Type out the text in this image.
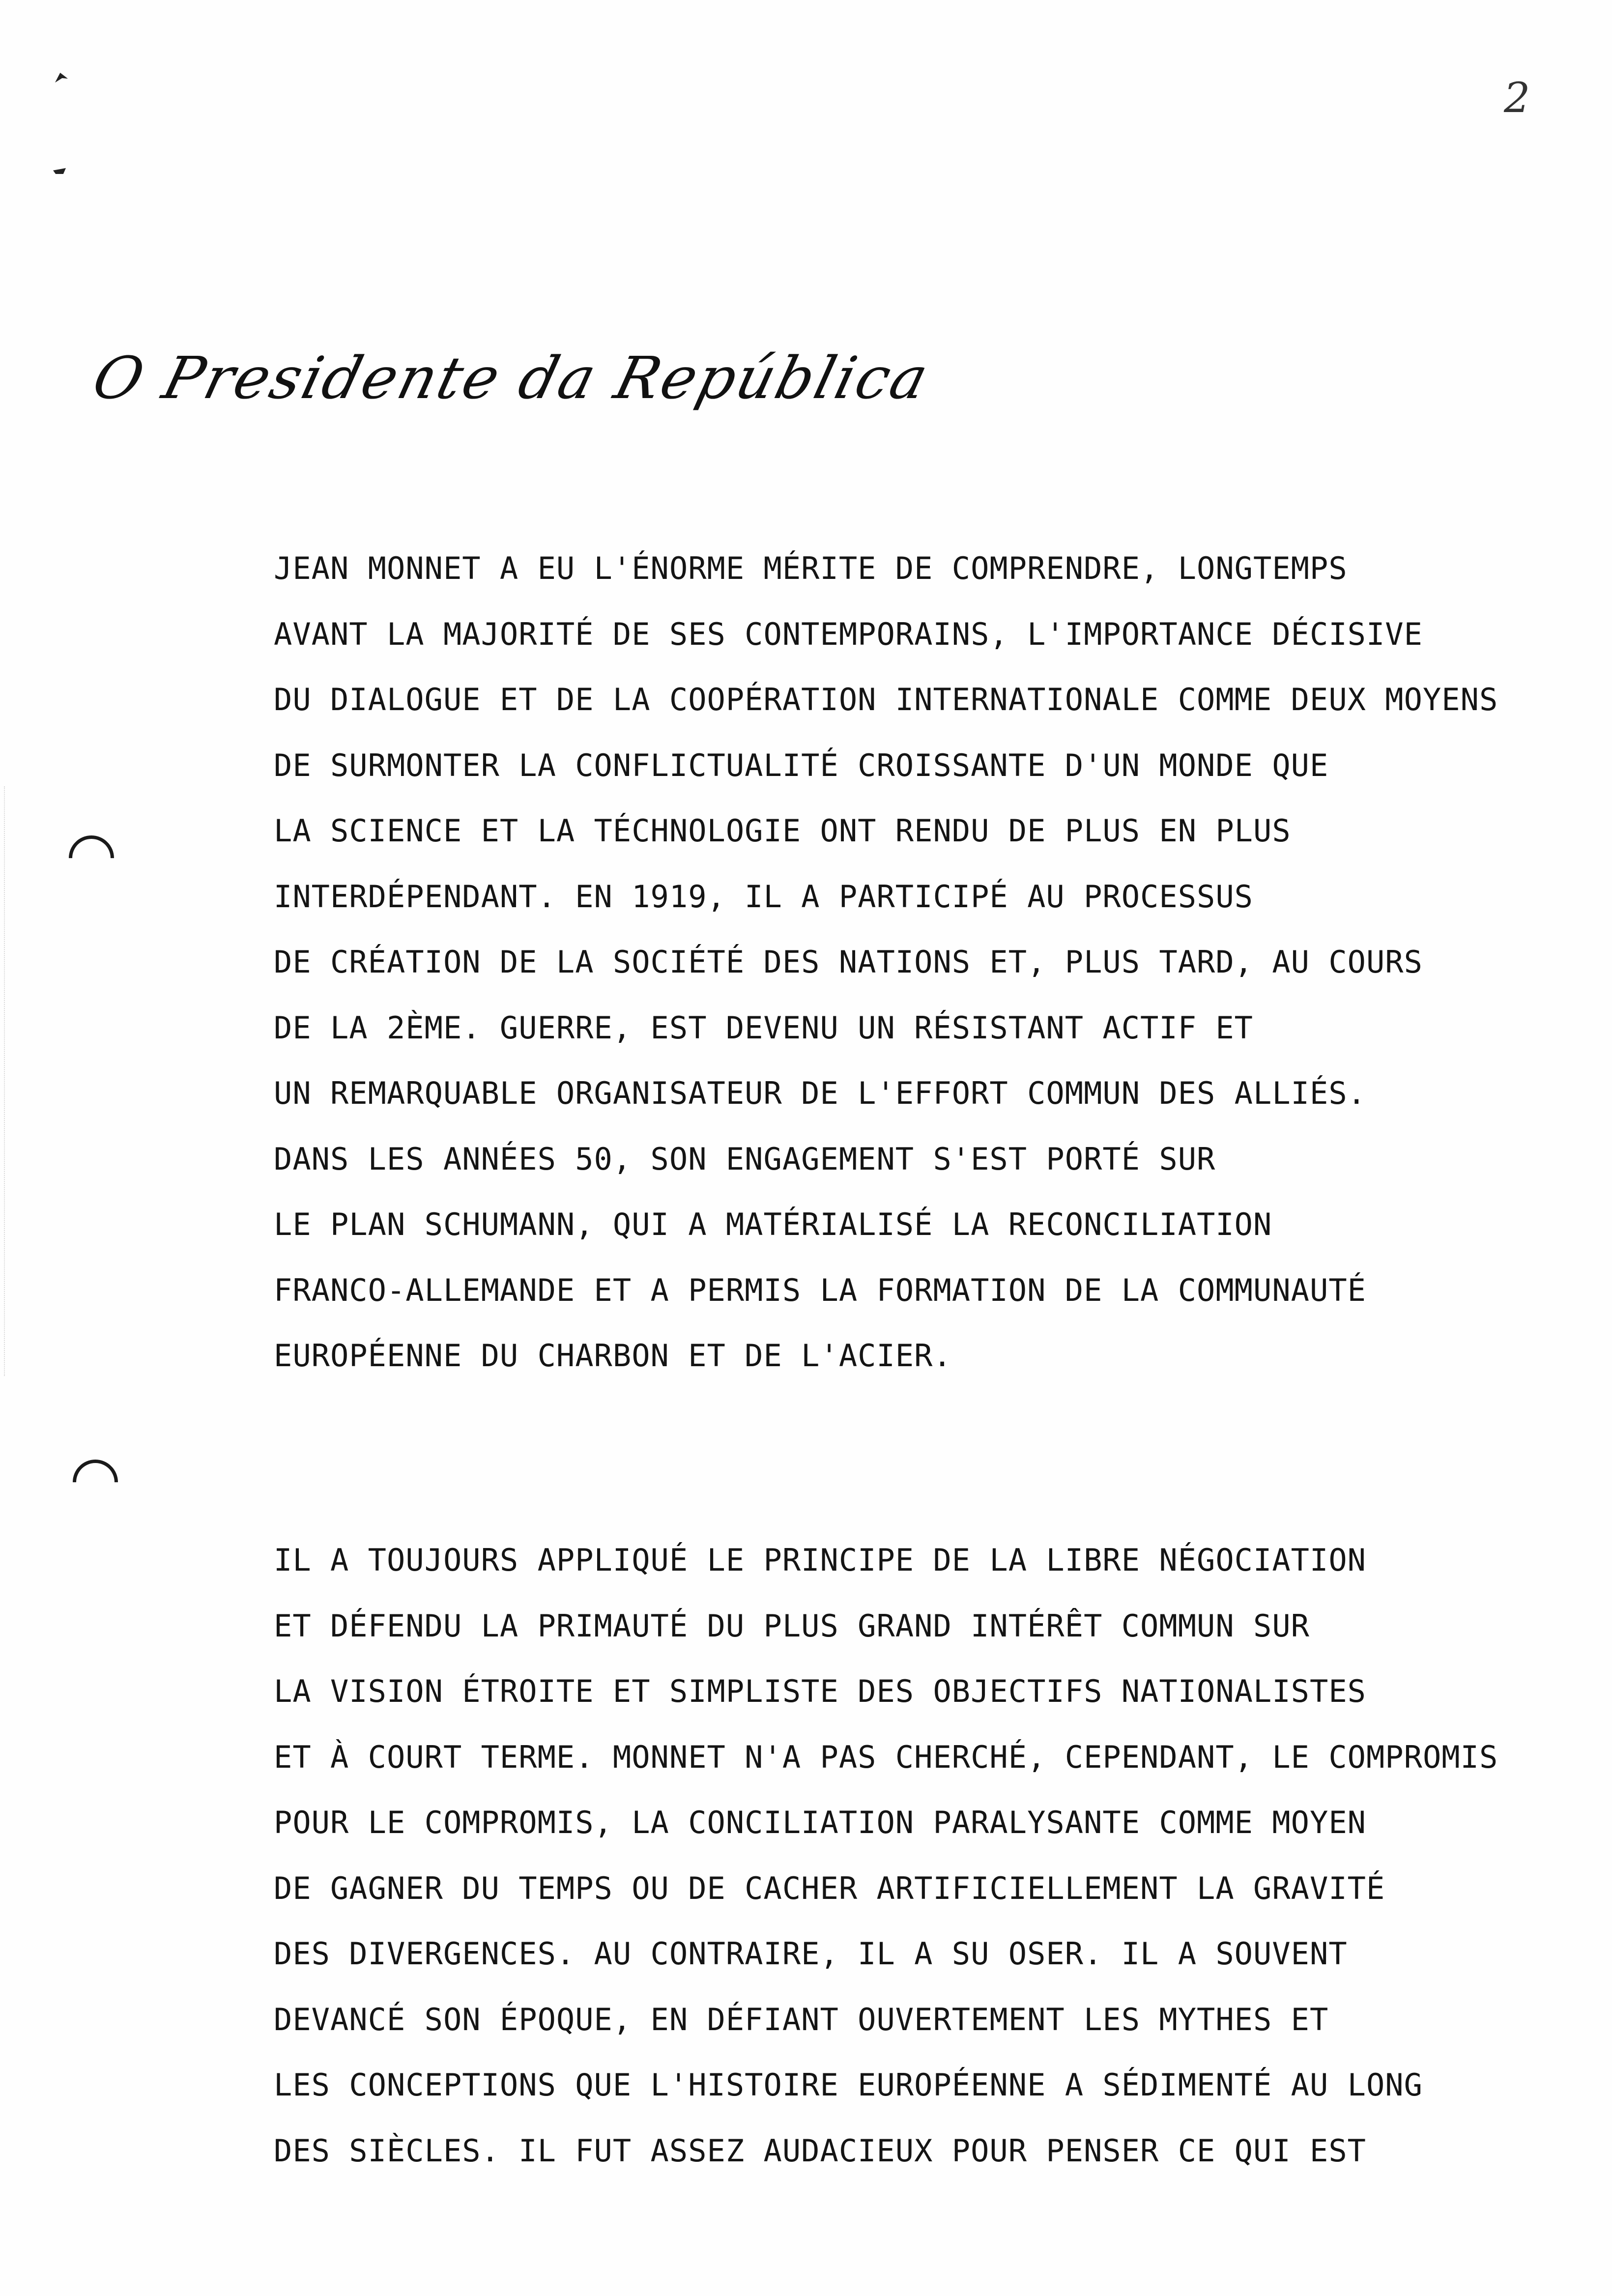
2
O Presidente da República
JEAN MONNET A EU L'ÉNORME MÉRITE DE COMPRENDRE, LONGTEMPS
AVANT LA MAJORITÉ DE SES CONTEMPORAINS, L'IMPORTANCE DÉCISIVE
DU DIALOGUE ET DE LA COOPÉRATION INTERNATIONALE COMME DEUX MOYENS
DE SURMONTER LA CONFLICTUALITÉ CROISSANTE D'UN MONDE QUE
LA SCIENCE ET LA TÉCHNOLOGIE ONT RENDU DE PLUS EN PLUS
INTERDÉPENDANT. EN 1919, IL A PARTICIPÉ AU PROCESSUS
DE CRÉATION DE LA SOCIÉTÉ DES NATIONS ET, PLUS TARD, AU COURS
DE LA 2ÈME. GUERRE, EST DEVENU UN RÉSISTANT ACTIF ET
UN REMARQUABLE ORGANISATEUR DE L'EFFORT COMMUN DES ALLIÉS.
DANS LES ANNÉES 50, SON ENGAGEMENT S'EST PORTÉ SUR
LE PLAN SCHUMANN, QUI A MATÉRIALISÉ LA RECONCILIATION
FRANCO-ALLEMANDE ET A PERMIS LA FORMATION DE LA COMMUNAUTÉ
EUROPÉENNE DU CHARBON ET DE L'ACIER.
IL A TOUJOURS APPLIQUÉ LE PRINCIPE DE LA LIBRE NÉGOCIATION
ET DÉFENDU LA PRIMAUTÉ DU PLUS GRAND INTÉRÊT COMMUN SUR
LA VISION ÉTROITE ET SIMPLISTE DES OBJECTIFS NATIONALISTES
ET À COURT TERME. MONNET N'A PAS CHERCHÉ, CEPENDANT, LE COMPROMIS
POUR LE COMPROMIS, LA CONCILIATION PARALYSANTE COMME MOYEN
DE GAGNER DU TEMPS OU DE CACHER ARTIFICIELLEMENT LA GRAVITÉ
DES DIVERGENCES. AU CONTRAIRE, IL A SU OSER. IL A SOUVENT
DEVANCÉ SON ÉPOQUE, EN DÉFIANT OUVERTEMENT LES MYTHES ET
LES CONCEPTIONS QUE L'HISTOIRE EUROPÉENNE A SÉDIMENTÉ AU LONG
DES SIÈCLES. IL FUT ASSEZ AUDACIEUX POUR PENSER CE QUI EST
